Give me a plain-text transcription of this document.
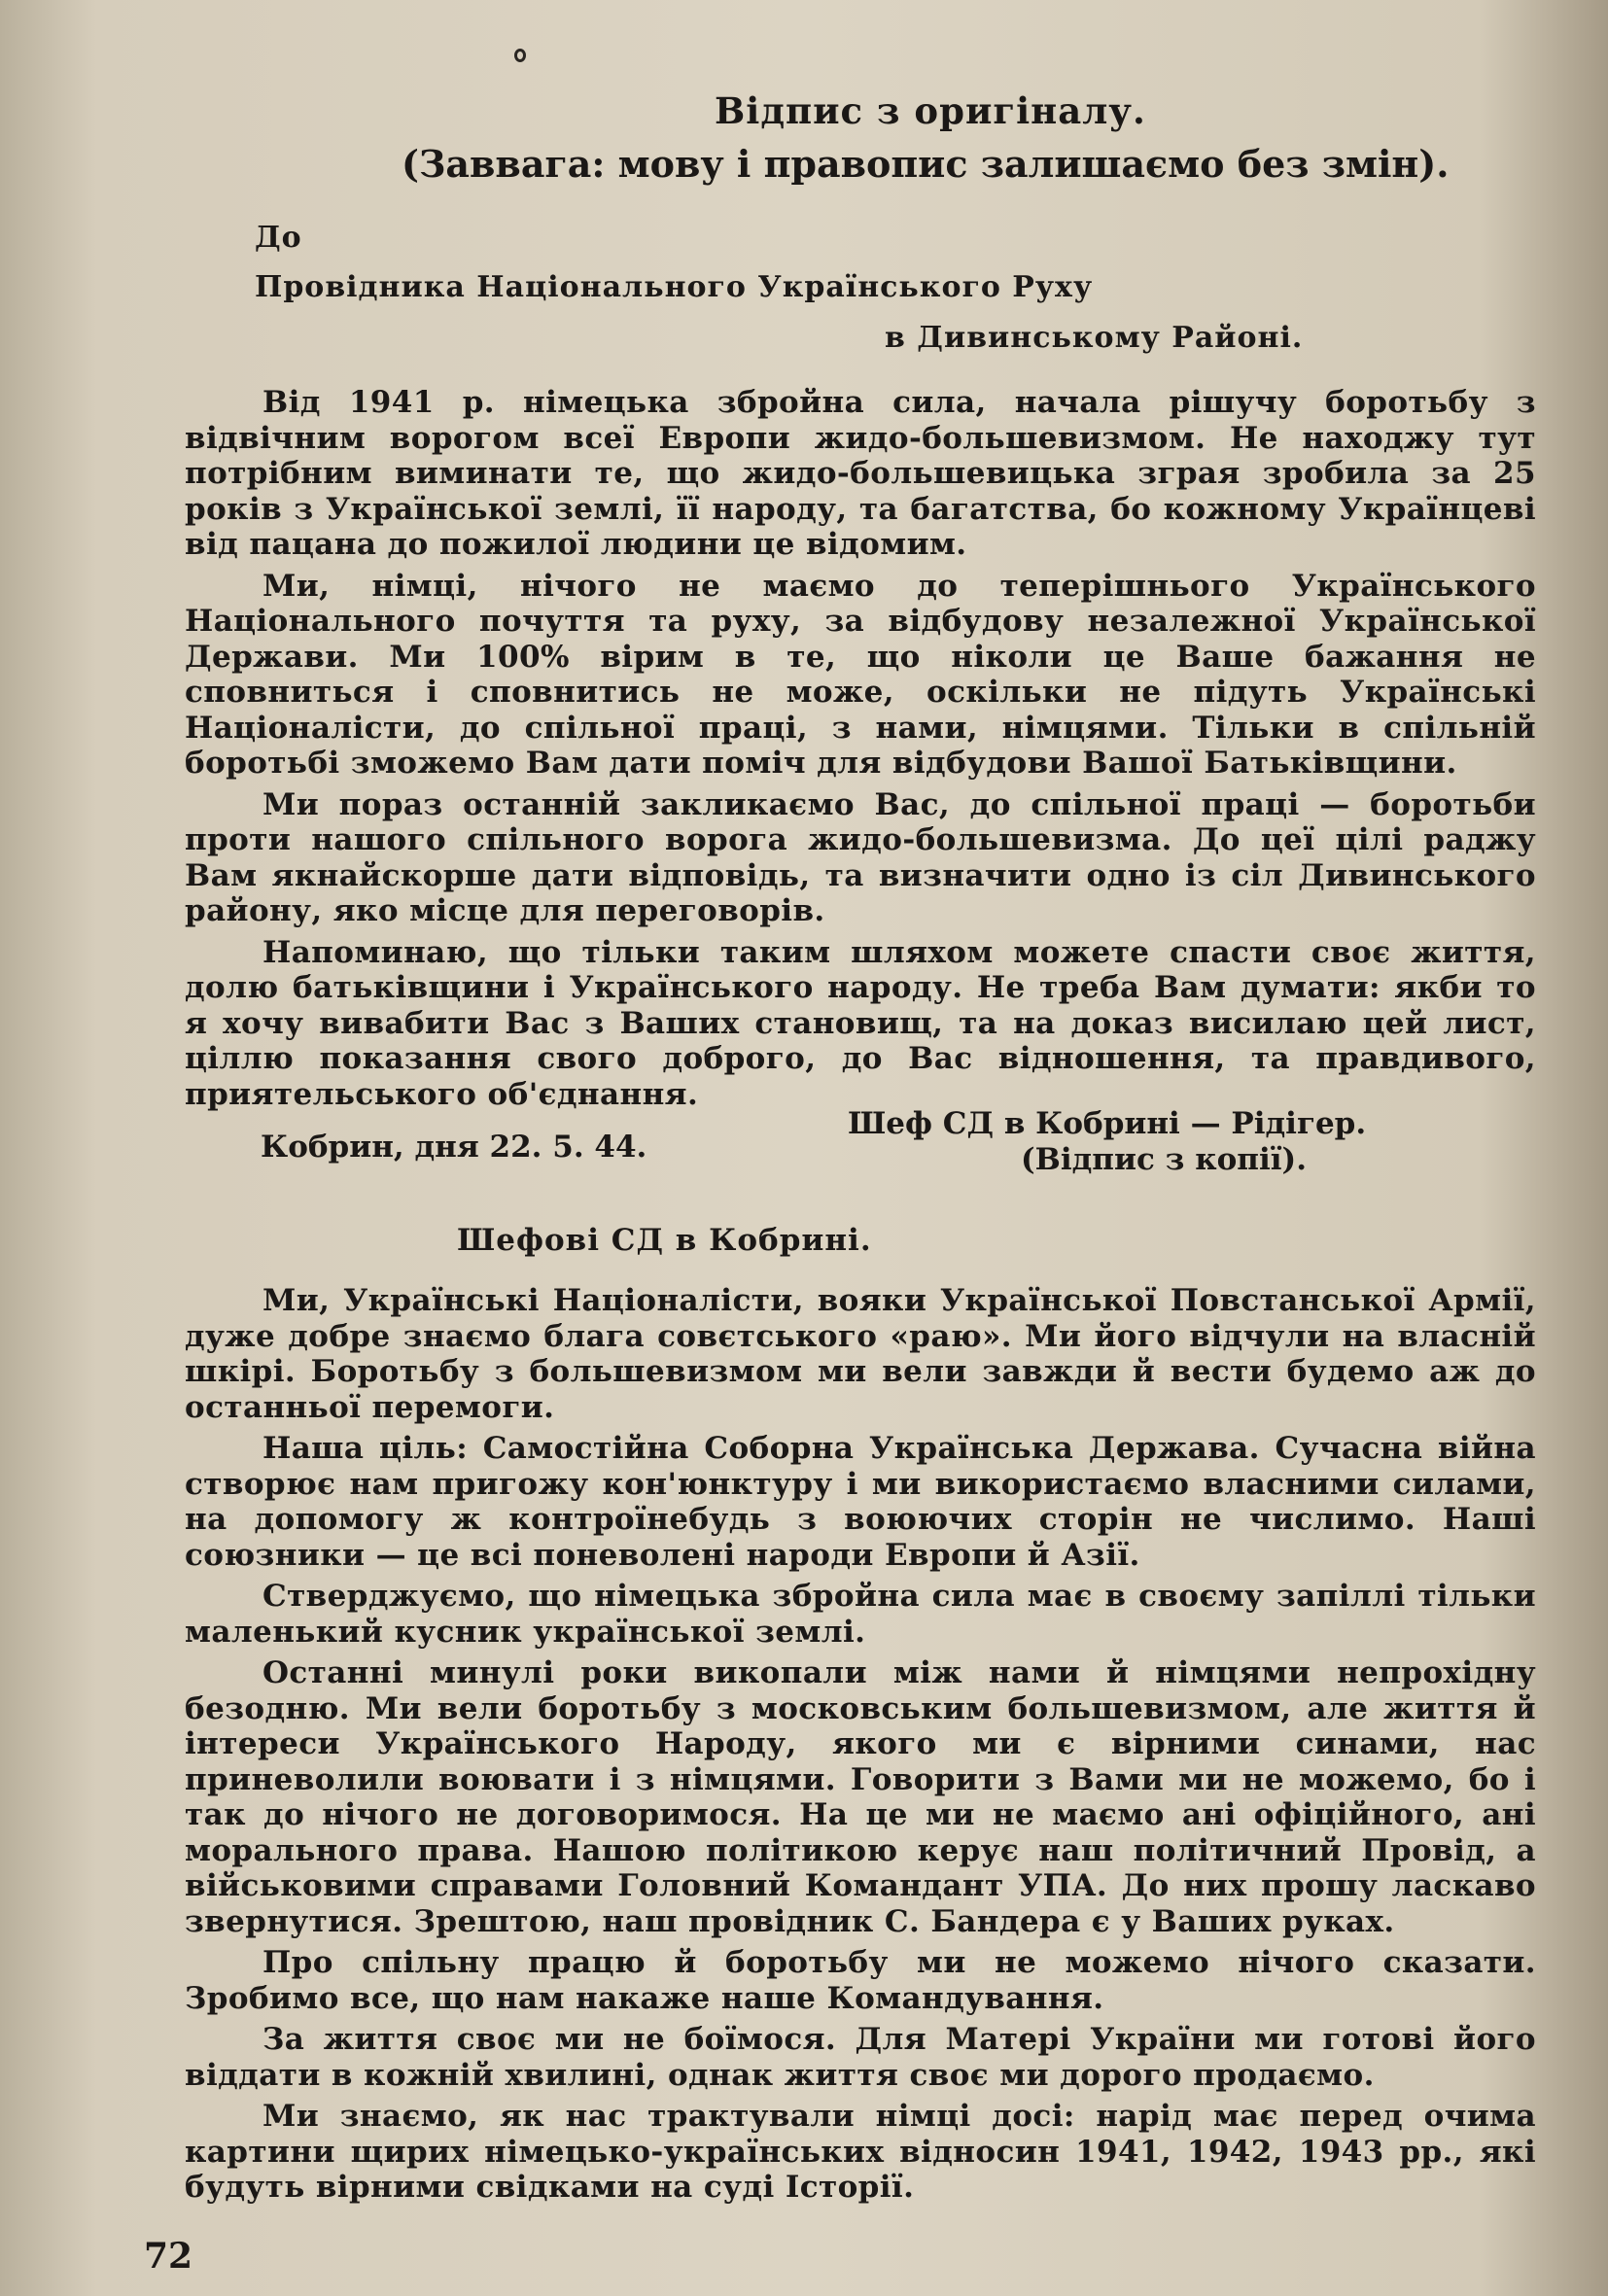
Відпис з оригіналу.
(Заввага: мову і правопис залишаємо без змін).
До
Провідника Національного Українського Руху
в Дивинському Районі.

Від 1941 р. німецька збройна сила, начала рішучу боротьбу з відвічним ворогом всеї Европи жидо-большевизмом. Не находжу тут потрібним виминати те, що жидо-большевицька зграя зробила за 25 років з Української землі, її народу, та багатства, бо кожному Українцеві від пацана до пожилої людини це відомим.

Ми, німці, нічого не маємо до теперішнього Українського Національного почуття та руху, за відбудову незалежної Української Держави. Ми 100% вірим в те, що ніколи це Ваше бажання не сповниться і сповнитись не може, оскільки не підуть Українські Націоналісти, до спільної праці, з нами, німцями. Тільки в спільній боротьбі зможемо Вам дати поміч для відбудови Вашої Батьківщини.

Ми пораз останній закликаємо Вас, до спільної праці — боротьби проти нашого спільного ворога жидо-большевизма. До цеї цілі раджу Вам якнайскорше дати відповідь, та визначити одно із сіл Дивинського району, яко місце для переговорів.

Напоминаю, що тільки таким шляхом можете спасти своє життя, долю батьківщини і Українського народу. Не треба Вам думати: якби то я хочу вивабити Вас з Ваших становищ, та на доказ висилаю цей лист, ціллю показання свого доброго, до Вас відношення, та правдивого, приятельського об'єднання.

Кобрин, дня 22. 5. 44.
Шеф СД в Кобрині — Рідігер.
(Відпис з копії).
Шефові СД в Кобрині.

Ми, Українські Націоналісти, вояки Української Повстанської Армії, дуже добре знаємо блага совєтського «раю». Ми його відчули на власній шкірі. Боротьбу з большевизмом ми вели завжди й вести будемо аж до останньої перемоги.

Наша ціль: Самостійна Соборна Українська Держава. Сучасна війна створює нам пригожу кон'юнктуру і ми використаємо власними силами, на допомогу ж контроїнебудь з воюючих сторін не числимо. Наші союзники — це всі поневолені народи Европи й Азії.

Стверджуємо, що німецька збройна сила має в своєму запіллі тільки маленький кусник української землі.

Останні минулі роки викопали між нами й німцями непрохідну безодню. Ми вели боротьбу з московським большевизмом, але життя й інтереси Українського Народу, якого ми є вірними синами, нас приневолили воювати і з німцями. Говорити з Вами ми не можемо, бо і так до нічого не договоримося. На це ми не маємо ані офіційного, ані морального права. Нашою політикою керує наш політичний Провід, а військовими справами Головний Командант УПА. До них прошу ласкаво звернутися. Зрештою, наш провідник С. Бандера є у Ваших руках.

Про спільну працю й боротьбу ми не можемо нічого сказати. Зробимо все, що нам накаже наше Командування.

За життя своє ми не боїмося. Для Матері України ми готові його віддати в кожній хвилині, однак життя своє ми дорого продаємо.

Ми знаємо, як нас трактували німці досі: нарід має перед очима картини щирих німецько-українських відносин 1941, 1942, 1943 рр., які будуть вірними свідками на суді Історії.

72
